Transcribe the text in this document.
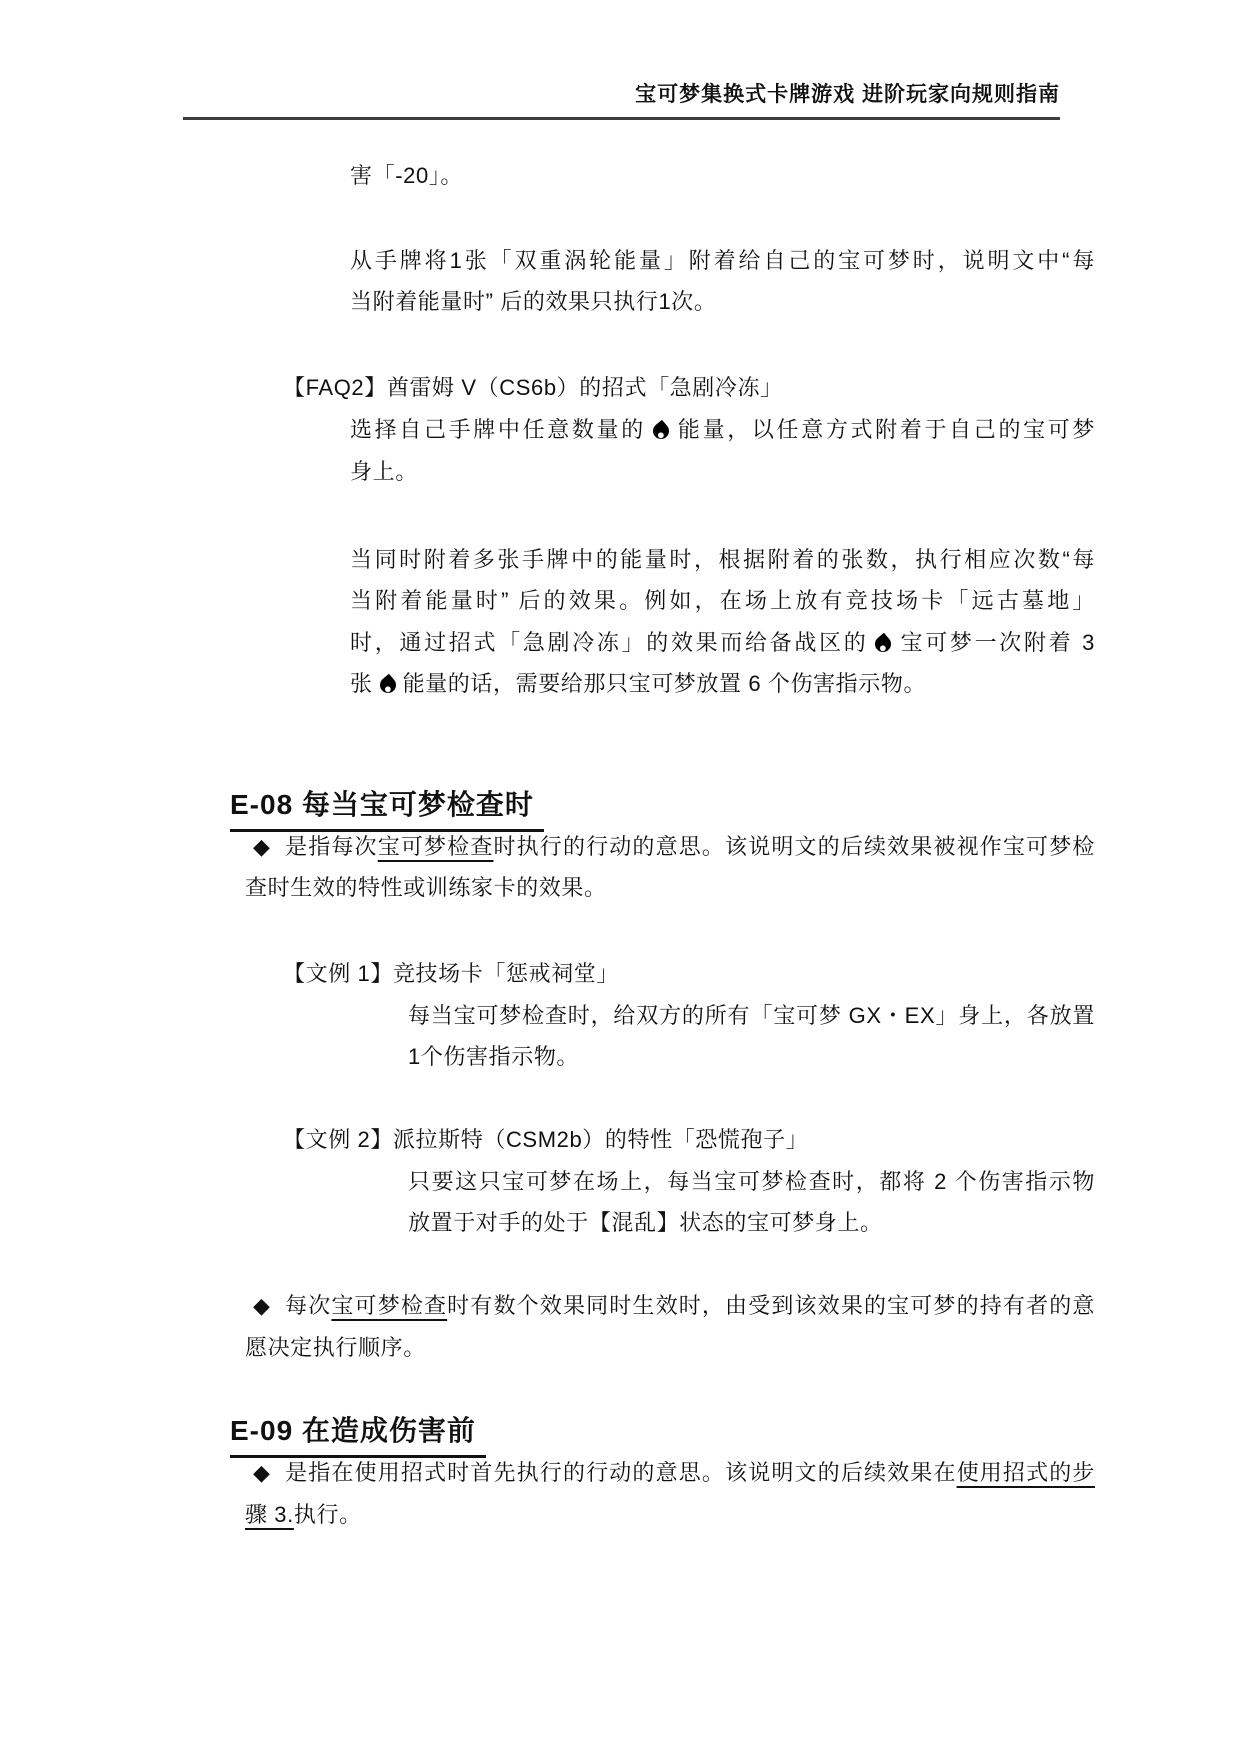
宝可梦集换式卡牌游戏 进阶玩家向规则指南
害「-20」。
从手牌将1张「双重涡轮能量」附着给自己的宝可梦时，说明文中“每
当附着能量时” 后的效果只执行1次。
【FAQ2】酋雷姆 V（CS6b）的招式「急剧冷冻」
选择自己手牌中任意数量的 能量，以任意方式附着于自己的宝可梦
身上。
当同时附着多张手牌中的能量时，根据附着的张数，执行相应次数“每
当附着能量时” 后的效果。例如，在场上放有竞技场卡「远古墓地」
时，通过招式「急剧冷冻」的效果而给备战区的 宝可梦一次附着 3
张 能量的话，需要给那只宝可梦放置 6 个伤害指示物。
E-08 每当宝可梦检查时
◆ 是指每次宝可梦检查时执行的行动的意思。该说明文的后续效果被视作宝可梦检
查时生效的特性或训练家卡的效果。
【文例 1】竞技场卡「惩戒祠堂」
每当宝可梦检查时，给双方的所有「宝可梦 GX・EX」身上，各放置
1个伤害指示物。
【文例 2】派拉斯特（CSM2b）的特性「恐慌孢子」
只要这只宝可梦在场上，每当宝可梦检查时，都将 2 个伤害指示物
放置于对手的处于【混乱】状态的宝可梦身上。
◆ 每次宝可梦检查时有数个效果同时生效时，由受到该效果的宝可梦的持有者的意
愿决定执行顺序。
E-09 在造成伤害前
◆ 是指在使用招式时首先执行的行动的意思。该说明文的后续效果在使用招式的步
骤 3.执行。
